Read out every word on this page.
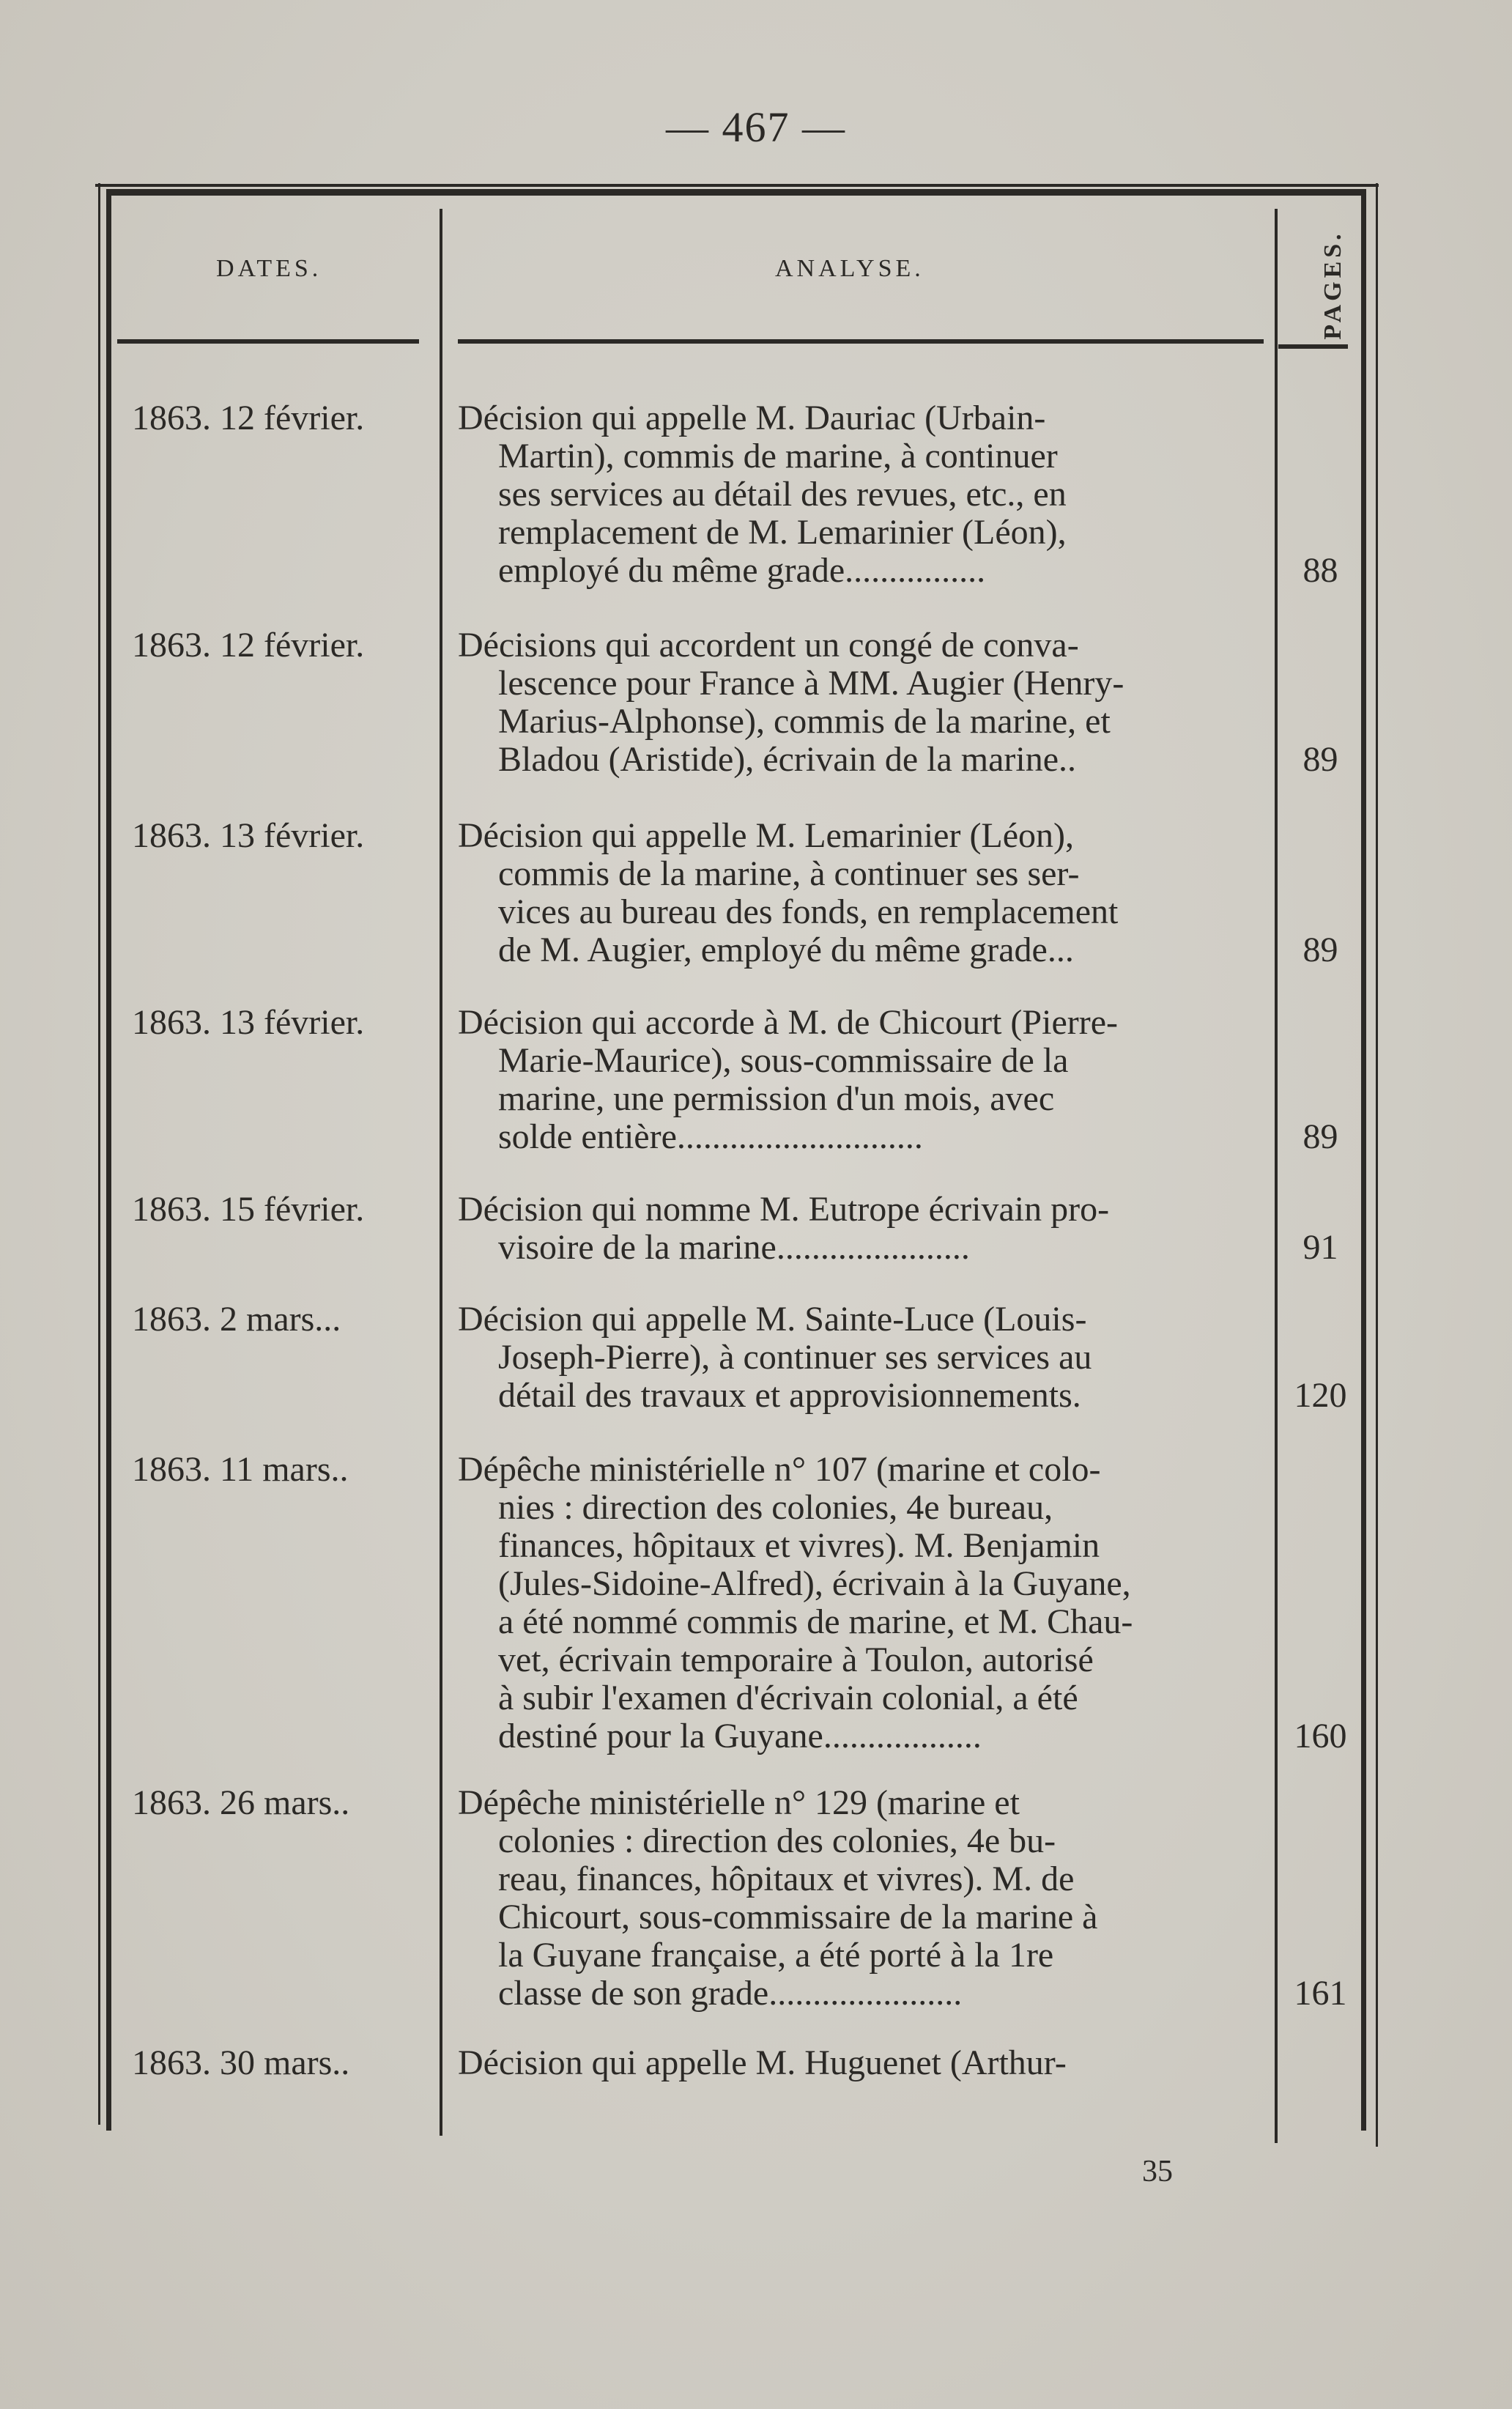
— 467 —
DATES.	ANALYSE.	PAGES.
1863. 12 février.	Décision qui appelle M. Dauriac (Urbain-
Martin), commis de marine, à continuer
ses services au détail des revues, etc., en
remplacement de M. Lemarinier (Léon),
employé du même grade................	88
1863. 12 février.	Décisions qui accordent un congé de conva-
lescence pour France à MM. Augier (Henry-
Marius-Alphonse), commis de la marine, et
Bladou (Aristide), écrivain de la marine..	89
1863. 13 février.	Décision qui appelle M. Lemarinier (Léon),
commis de la marine, à continuer ses ser-
vices au bureau des fonds, en remplacement
de M. Augier, employé du même grade...	89
1863. 13 février.	Décision qui accorde à M. de Chicourt (Pierre-
Marie-Maurice), sous-commissaire de la
marine, une permission d'un mois, avec
solde entière............................	89
1863. 15 février.	Décision qui nomme M. Eutrope écrivain pro-
visoire de la marine......................	91
1863. 2 mars...	Décision qui appelle M. Sainte-Luce (Louis-
Joseph-Pierre), à continuer ses services au
détail des travaux et approvisionnements.	120
1863. 11 mars..	Dépêche ministérielle n° 107 (marine et colo-
nies : direction des colonies, 4e bureau,
finances, hôpitaux et vivres). M. Benjamin
(Jules-Sidoine-Alfred), écrivain à la Guyane,
a été nommé commis de marine, et M. Chau-
vet, écrivain temporaire à Toulon, autorisé
à subir l'examen d'écrivain colonial, a été
destiné pour la Guyane..................	160
1863. 26 mars..	Dépêche ministérielle n° 129 (marine et
colonies : direction des colonies, 4e bu-
reau, finances, hôpitaux et vivres). M. de
Chicourt, sous-commissaire de la marine à
la Guyane française, a été porté à la 1re
classe de son grade......................	161
1863. 30 mars..	Décision qui appelle M. Huguenet (Arthur-
35
